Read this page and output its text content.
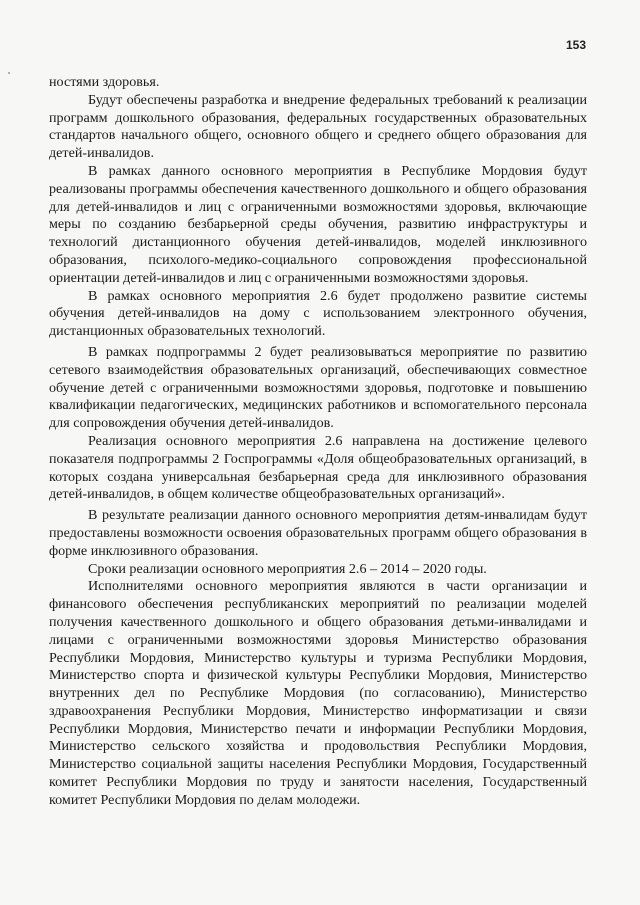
153

ностями здоровья.

Будут обеспечены разработка и внедрение федеральных требований к реализации программ дошкольного образования, федеральных государственных образовательных стандартов начального общего, основного общего и среднего общего образования для детей-инвалидов.

В рамках данного основного мероприятия в Республике Мордовия будут реализованы программы обеспечения качественного дошкольного и общего образования для детей-инвалидов и лиц с ограниченными возможностями здоровья, включающие меры по созданию безбарьерной среды обучения, развитию инфраструктуры и технологий дистанционного обучения детей-инвалидов, моделей инклюзивного образования, психолого-медико-социального сопровождения профессиональной ориентации детей-инвалидов и лиц с ограниченными возможностями здоровья.

В рамках основного мероприятия 2.6 будет продолжено развитие системы обучения детей-инвалидов на дому с использованием электронного обучения, дистанционных образовательных технологий.

В рамках подпрограммы 2 будет реализовываться мероприятие по развитию сетевого взаимодействия образовательных организаций, обеспечивающих совместное обучение детей с ограниченными возможностями здоровья, подготовке и повышению квалификации педагогических, медицинских работников и вспомогательного персонала для сопровождения обучения детей-инвалидов.

Реализация основного мероприятия 2.6 направлена на достижение целевого показателя подпрограммы 2 Госпрограммы «Доля общеобразовательных организаций, в которых создана универсальная безбарьерная среда для инклюзивного образования детей-инвалидов, в общем количестве общеобразовательных организаций».

В результате реализации данного основного мероприятия детям-инвалидам будут предоставлены возможности освоения образовательных программ общего образования в форме инклюзивного образования.

Сроки реализации основного мероприятия 2.6 – 2014 – 2020 годы.

Исполнителями основного мероприятия являются в части организации и финансового обеспечения республиканских мероприятий по реализации моделей получения качественного дошкольного и общего образования детьми-инвалидами и лицами с ограниченными возможностями здоровья Министерство образования Республики Мордовия, Министерство культуры и туризма Республики Мордовия, Министерство спорта и физической культуры Республики Мордовия, Министерство внутренних дел по Республике Мордовия (по согласованию), Министерство здравоохранения Республики Мордовия, Министерство информатизации и связи Республики Мордовия, Министерство печати и информации Республики Мордовия, Министерство сельского хозяйства и продовольствия Республики Мордовия, Министерство социальной защиты населения Республики Мордовия, Государственный комитет Республики Мордовия по труду и занятости населения, Государственный комитет Республики Мордовия по делам молодежи.
